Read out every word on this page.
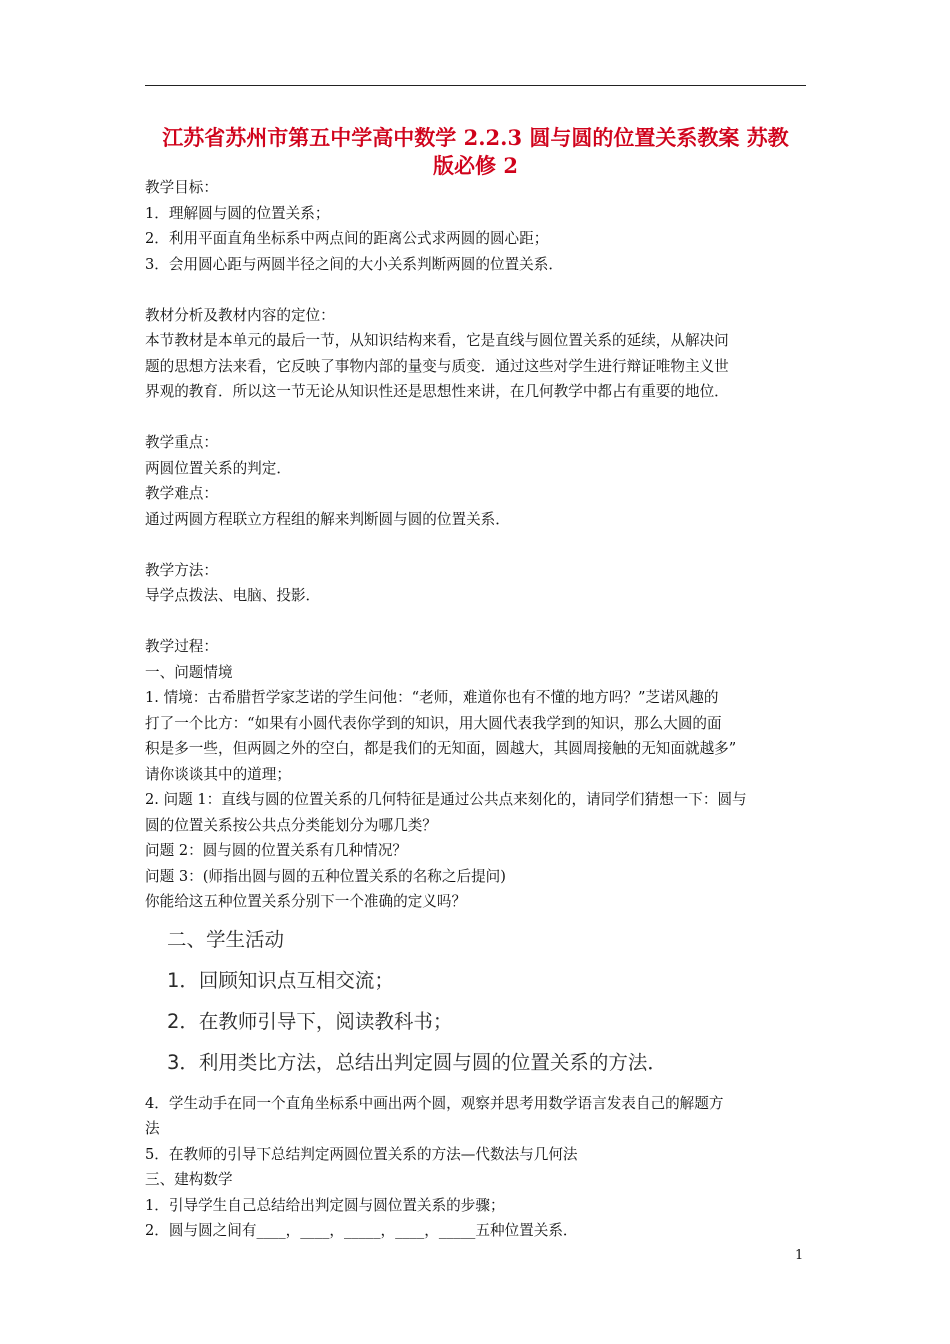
江苏省苏州市第五中学高中数学 2.2.3 圆与圆的位置关系教案 苏教
版必修 2
教学目标：
1．理解圆与圆的位置关系；
2．利用平面直角坐标系中两点间的距离公式求两圆的圆心距；
3．会用圆心距与两圆半径之间的大小关系判断两圆的位置关系．
教材分析及教材内容的定位：
本节教材是本单元的最后一节，从知识结构来看，它是直线与圆位置关系的延续，从解决问
题的思想方法来看，它反映了事物内部的量变与质变．通过这些对学生进行辩证唯物主义世
界观的教育．所以这一节无论从知识性还是思想性来讲，在几何教学中都占有重要的地位．
教学重点：
两圆位置关系的判定．
教学难点：
通过两圆方程联立方程组的解来判断圆与圆的位置关系．
教学方法：
导学点拨法、电脑、投影．
教学过程：
一、问题情境
1. 情境：古希腊哲学家芝诺的学生问他：“老师，难道你也有不懂的地方吗？”芝诺风趣的
打了一个比方：“如果有小圆代表你学到的知识，用大圆代表我学到的知识，那么大圆的面
积是多一些，但两圆之外的空白，都是我们的无知面，圆越大，其圆周接触的无知面就越多”
请你谈谈其中的道理；
2. 问题 1：直线与圆的位置关系的几何特征是通过公共点来刻化的，请同学们猜想一下：圆与
圆的位置关系按公共点分类能划分为哪几类？
问题 2：圆与圆的位置关系有几种情况？
问题 3：(师指出圆与圆的五种位置关系的名称之后提问)
你能给这五种位置关系分别下一个准确的定义吗？
二、学生活动
1．回顾知识点互相交流；
2．在教师引导下，阅读教科书；
3．利用类比方法，总结出判定圆与圆的位置关系的方法．
4．学生动手在同一个直角坐标系中画出两个圆，观察并思考用数学语言发表自己的解题方
法
5．在教师的引导下总结判定两圆位置关系的方法—代数法与几何法
三、建构数学
1．引导学生自己总结给出判定圆与圆位置关系的步骤；
2．圆与圆之间有____，____，_____，____，_____五种位置关系．
1
